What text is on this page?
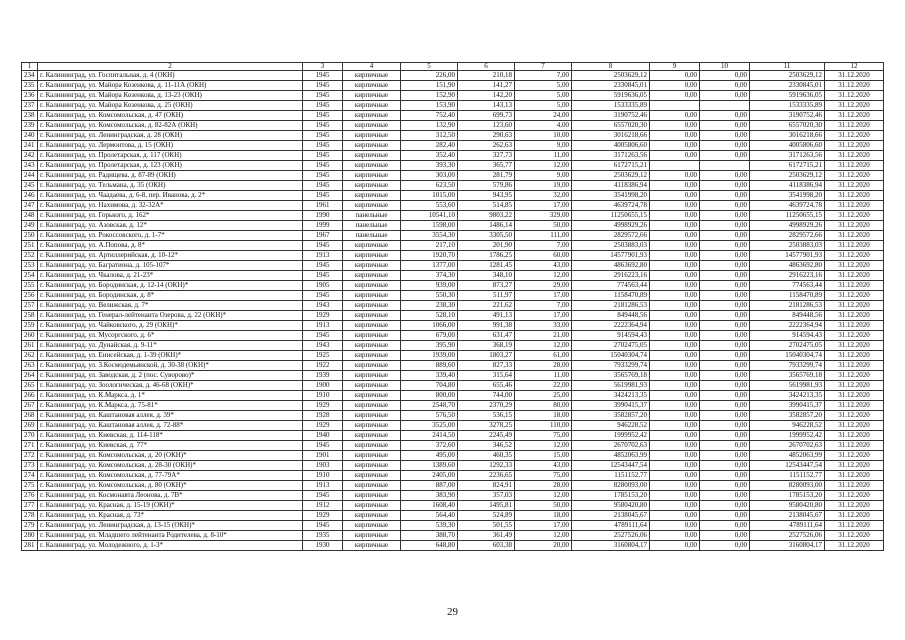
1	2	3	4	5	6	7	8	9	10	11	12
234	г. Калининград, ул. Госпитальная, д. 4 (ОКН)	1945	кирпичные	226,00	210,18	7,00	2503629,12	0,00	0,00	2503629,12	31.12.2020
235	г. Калининград, ул. Майора Козенкова, д. 11-11А (ОКН)	1945	кирпичные	151,90	141,27	5,00	2330845,01	0,00	0,00	2330845,01	31.12.2020
236	г. Калининград, ул. Майора Козенкова, д. 13-23 (ОКН)	1945	кирпичные	152,90	142,20	5,00	5919636,05	0,00	0,00	5919636,05	31.12.2020
237	г. Калининград, ул. Майора Козенкова, д. 25 (ОКН)	1945	кирпичные	153,90	143,13	5,00	1533335,89			1533335,89	31.12.2020
238	г. Калининград, ул. Комсомольская, д. 47 (ОКН)	1945	кирпичные	752,40	699,73	24,00	3190752,46	0,00	0,00	3190752,46	31.12.2020
239	г. Калининград, ул. Комсомольская, д. 82-82А (ОКН)	1945	кирпичные	132,90	123,60	4,00	6557020,30	0,00	0,00	6557020,30	31.12.2020
240	г. Калининград, ул. Ленинградская, д. 28 (ОКН)	1945	кирпичные	312,50	290,63	10,00	3016218,66	0,00	0,00	3016218,66	31.12.2020
241	г. Калининград, ул. Лермонтова, д. 15 (ОКН)	1945	кирпичные	282,40	262,63	9,00	4005806,60	0,00	0,00	4005806,60	31.12.2020
242	г. Калининград, ул. Пролетарская, д. 117 (ОКН)	1945	кирпичные	352,40	327,73	11,00	3171263,56	0,00	0,00	3171263,56	31.12.2020
243	г. Калининград, ул. Пролетарская, д. 123 (ОКН)	1945	кирпичные	393,30	365,77	12,00	6172715,21			6172715,21	31.12.2020
244	г. Калининград, ул. Радищева, д. 87-89 (ОКН)	1945	кирпичные	303,00	281,79	9,00	2503629,12	0,00	0,00	2503629,12	31.12.2020
245	г. Калининград, ул. Тельмана, д. 35 (ОКН)	1945	кирпичные	623,50	579,86	19,00	4118386,94	0,00	0,00	4118386,94	31.12.2020
246	г. Калининград, ул. Чаадаева, д. 6-8, пер. Иванова, д. 2*	1945	кирпичные	1015,00	943,95	32,00	3541998,20	0,00	0,00	3541998,20	31.12.2020
247	г. Калининград, ул. Нахимова, д. 32-32А*	1961	кирпичные	553,60	514,85	17,00	4639724,78	0,00	0,00	4639724,78	31.12.2020
248	г. Калининград, ул. Горького, д. 162*	1990	панельные	10541,10	9803,22	329,00	11250655,15	0,00	0,00	11250655,15	31.12.2020
249	г. Калининград, ул. Азовская, д. 12*	1999	панельные	1598,00	1486,14	50,00	4998929,26	0,00	0,00	4998929,26	31.12.2020
250	г. Калининград, ул. Рокоссовского, д. 1-7*	1967	панельные	3554,30	3305,50	111,00	2829572,66	0,00	0,00	2829572,66	31.12.2020
251	г. Калининград, ул. А.Попова, д. 8*	1945	кирпичные	217,10	201,90	7,00	2503883,03	0,00	0,00	2503883,03	31.12.2020
252	г. Калининград, ул. Артиллерийская, д. 10-12*	1913	кирпичные	1920,70	1786,25	60,00	14577901,93	0,00	0,00	14577901,93	31.12.2020
253	г. Калининград, ул. Багратиона, д. 105-107*	1945	кирпичные	1377,00	1281,45	43,00	4863692,80	0,00	0,00	4863692,80	31.12.2020
254	г. Калининград, ул. Чкалова, д. 21-23*	1945	кирпичные	374,30	348,10	12,00	2916223,16	0,00	0,00	2916223,16	31.12.2020
255	г. Калининград, ул. Бородинская, д. 12-14 (ОКН)*	1905	кирпичные	939,00	873,27	29,00	774563,44	0,00	0,00	774563,44	31.12.2020
256	г. Калининград, ул. Бородинская, д. 8*	1945	кирпичные	550,30	511,97	17,00	1158470,89	0,00	0,00	1158470,89	31.12.2020
257	г. Калининград, ул. Велижская, д. 7*	1943	кирпичные	238,30	221,62	7,00	2181286,53	0,00	0,00	2181286,53	31.12.2020
258	г. Калининград, ул. Генерал-лейтенанта Озерова, д. 22 (ОКН)*	1929	кирпичные	528,10	491,13	17,00	849448,56	0,00	0,00	849448,56	31.12.2020
259	г. Калининград, ул. Чайковского, д. 29 (ОКН)*	1913	кирпичные	1066,00	991,38	33,00	2222364,94	0,00	0,00	2222364,94	31.12.2020
260	г. Калининград, ул. Мусоргского, д. 6*	1945	кирпичные	679,00	631,47	21,00	914594,43	0,00	0,00	914594,43	31.12.2020
261	г. Калининград, ул. Дунайская, д. 9-11*	1943	кирпичные	395,90	368,19	12,00	2702475,05	0,00	0,00	2702475,05	31.12.2020
262	г. Калининград, ул. Енисейская, д. 1-39 (ОКН)*	1925	кирпичные	1939,00	1803,27	61,00	15040304,74	0,00	0,00	15040304,74	31.12.2020
263	г. Калининград, ул. 3.Космодемьянской, д. 30-38 (ОКН)*	1922	кирпичные	889,60	827,33	28,00	7933299,74	0,00	0,00	7933299,74	31.12.2020
264	г. Калининград, ул. Заводская, д. 2 (пос. Суворово)*	1939	кирпичные	339,40	315,64	11,00	3565769,18	0,00	0,00	3565769,18	31.12.2020
265	г. Калининград, ул. Зоологическая, д. 46-68 (ОКН)*	1900	кирпичные	704,80	655,46	22,00	5619981,93	0,00	0,00	5619981,93	31.12.2020
266	г. Калининград, ул. К.Маркса, д. 1*	1910	кирпичные	800,00	744,00	25,00	3424213,35	0,00	0,00	3424213,35	31.12.2020
267	г. Калининград, ул. К.Маркса, д. 75-81*	1929	кирпичные	2548,70	2370,29	80,00	3990415,37	0,00	0,00	3990415,37	31.12.2020
268	г. Калининград, ул. Каштановая аллея, д. 39*	1928	кирпичные	576,50	536,15	18,00	3582857,20	0,00	0,00	3582857,20	31.12.2020
269	г. Калининград, ул. Каштановая аллея, д. 72-88*	1929	кирпичные	3525,00	3278,25	110,00	946228,52	0,00	0,00	946228,52	31.12.2020
270	г. Калининград, ул. Киевская, д. 114-118*	1940	кирпичные	2414,50	2245,49	75,00	1999952,42	0,00	0,00	1999952,42	31.12.2020
271	г. Калининград, ул. Киевская, д. 77*	1945	кирпичные	372,60	346,52	12,00	2670702,63	0,00	0,00	2670702,63	31.12.2020
272	г. Калининград, ул. Комсомольская, д. 20 (ОКН)*	1901	кирпичные	495,00	460,35	15,00	4852063,99	0,00	0,00	4852063,99	31.12.2020
273	г. Калининград, ул. Комсомольская, д. 28-30 (ОКН)*	1903	кирпичные	1389,60	1292,33	43,00	12543447,54	0,00	0,00	12543447,54	31.12.2020
274	г. Калининград, ул. Комсомольская, д. 77-79А*	1910	кирпичные	2405,00	2236,65	75,00	1151152,77	0,00	0,00	1151152,77	31.12.2020
275	г. Калининград, ул. Комсомольская, д. 80 (ОКН)*	1913	кирпичные	887,00	824,91	28,00	8280093,00	0,00	0,00	8280093,00	31.12.2020
276	г. Калининград, ул. Космонавта Леонова, д. 7В*	1945	кирпичные	383,90	357,03	12,00	1785153,20	0,00	0,00	1785153,20	31.12.2020
277	г. Калининград, ул. Красная, д. 15-19 (ОКН)*	1912	кирпичные	1608,40	1495,81	50,00	9580420,80	0,00	0,00	9580420,80	31.12.2020
278	г. Калининград, ул. Красная, д. 73*	1929	кирпичные	564,40	524,89	18,00	2138045,67	0,00	0,00	2138045,67	31.12.2020
279	г. Калининград, ул. Ленинградская, д. 13-15 (ОКН)*	1945	кирпичные	539,30	501,55	17,00	4789111,64	0,00	0,00	4789111,64	31.12.2020
280	г. Калининград, ул. Младшего лейтенанта Родителева, д. 8-10*	1935	кирпичные	388,70	361,49	12,00	2527526,06	0,00	0,00	2527526,06	31.12.2020
281	г. Калининград, ул. Молодежного, д. 1-3*	1930	кирпичные	648,80	603,38	20,00	3160804,17	0,00	0,00	3160804,17	31.12.2020
29
